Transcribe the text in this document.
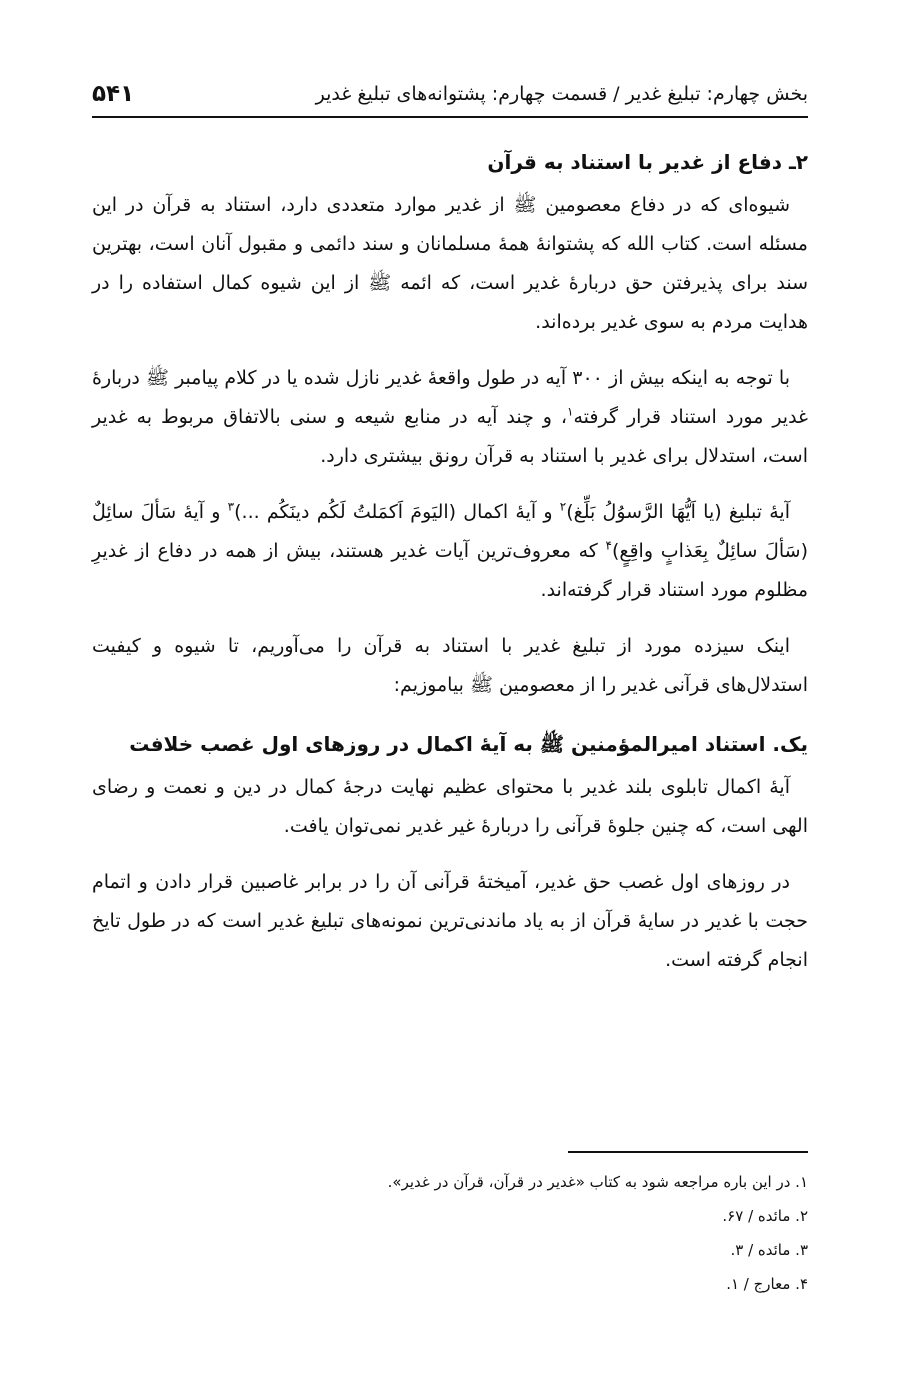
بخش چهارم: تبلیغ غدیر / قسمت چهارم: پشتوانه‌های تبلیغ غدیر
۵۴۱
۲ـ دفاع از غدیر با استناد به قرآن

شیوه‌ای که در دفاع معصومین ﷺ از غدیر موارد متعددی دارد، استناد به قرآن در این مسئله است. کتاب الله که پشتوانهٔ همهٔ مسلمانان و سند دائمی و مقبول آنان است، بهترین سند برای پذیرفتن حق دربارهٔ غدیر است، که ائمه ﷺ از این شیوه کمال استفاده را در هدایت مردم به سوی غدیر برده‌اند.

با توجه به اینکه بیش از ۳۰۰ آیه در طول واقعهٔ غدیر نازل شده یا در کلام پیامبر ﷺ دربارهٔ غدیر مورد استناد قرار گرفته$^۱$، و چند آیه در منابع شیعه و سنی بالاتفاق مربوط به غدیر است، استدلال برای غدیر با استناد به قرآن رونق بیشتری دارد.

آیهٔ تبلیغ (یا اَیُّهَا الرَّسوُلُ بَلِّغ)$^۲$ و آیهٔ اکمال (الیَومَ اَکمَلتُ لَکُم دینَکُم ...)$^۳$ و آیهٔ سَألَ سائِلٌ (سَألَ سائِلٌ بِعَذابٍ واقِعٍ)$^۴$ که معروف‌ترین آیات غدیر هستند، بیش از همه در دفاع از غدیرِ مظلوم مورد استناد قرار گرفته‌اند.

اینک سیزده مورد از تبلیغ غدیر با استناد به قرآن را می‌آوریم، تا شیوه و کیفیت استدلال‌های قرآنی غدیر را از معصومین ﷺ بیاموزیم:

یک. استناد امیرالمؤمنین ﷺ به آیهٔ اکمال در روزهای اول غصب خلافت

آیهٔ اکمال تابلوی بلند غدیر با محتوای عظیم نهایت درجهٔ کمال در دین و نعمت و رضای الهی است، که چنین جلوهٔ قرآنی را دربارهٔ غیر غدیر نمی‌توان یافت.

در روزهای اول غصب حق غدیر، آمیختهٔ قرآنی آن را در برابر غاصبین قرار دادن و اتمام حجت با غدیر در سایهٔ قرآن از به یاد ماندنی‌ترین نمونه‌های تبلیغ غدیر است که در طول تایخ انجام گرفته است.

۱. در این باره مراجعه شود به کتاب «غدیر در قرآن، قرآن در غدیر».

۲. مائده / ۶۷.

۳. مائده / ۳.

۴. معارج / ۱.
